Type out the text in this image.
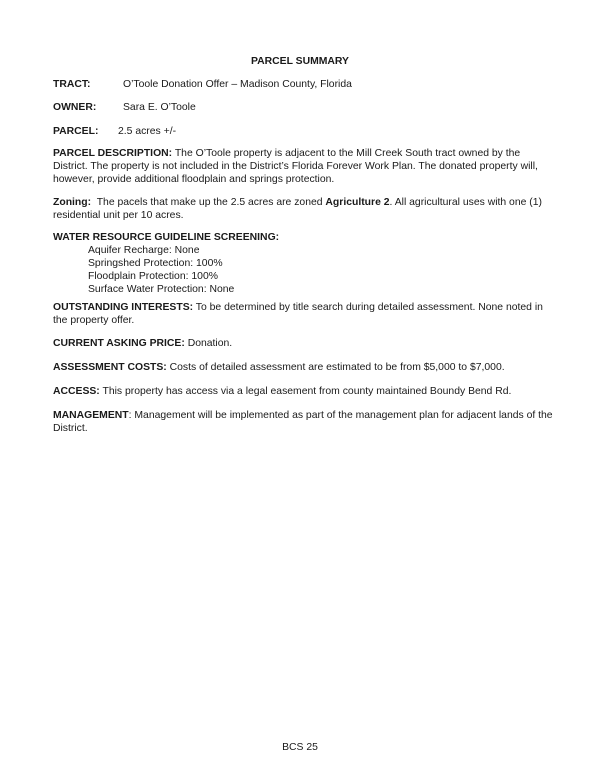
PARCEL SUMMARY

TRACT:	O’Toole Donation Offer – Madison County, Florida

OWNER:	Sara E. O’Toole

PARCEL: 2.5 acres +/-

PARCEL DESCRIPTION: The O’Toole property is adjacent to the Mill Creek South tract owned by the District. The property is not included in the District’s Florida Forever Work Plan. The donated property will, however, provide additional floodplain and springs protection.

Zoning: The pacels that make up the 2.5 acres are zoned Agriculture 2. All agricultural uses with one (1) residential unit per 10 acres.

WATER RESOURCE GUIDELINE SCREENING:
Aquifer Recharge: None
Springshed Protection: 100%
Floodplain Protection: 100%
Surface Water Protection: None

OUTSTANDING INTERESTS: To be determined by title search during detailed assessment. None noted in the property offer.

CURRENT ASKING PRICE: Donation.

ASSESSMENT COSTS: Costs of detailed assessment are estimated to be from $5,000 to $7,000.

ACCESS: This property has access via a legal easement from county maintained Boundy Bend Rd.

MANAGEMENT: Management will be implemented as part of the management plan for adjacent lands of the District.

BCS 25
